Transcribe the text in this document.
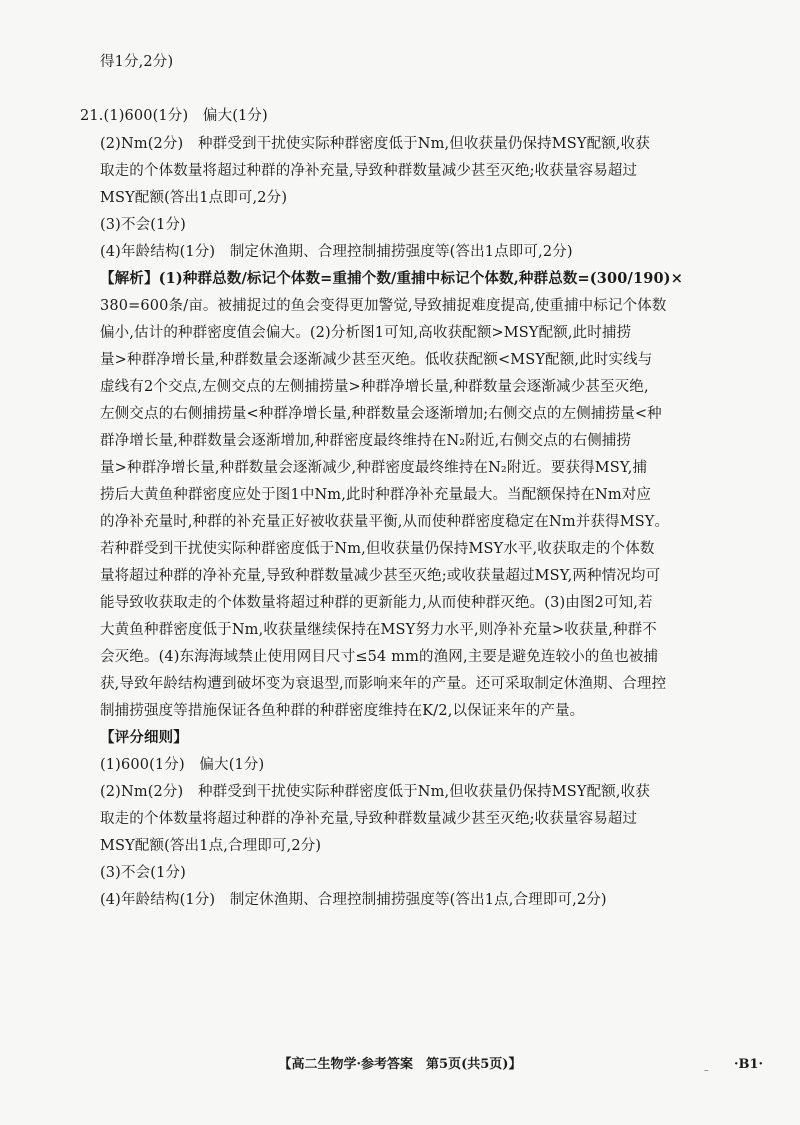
得1分,2分)
21.(1)600(1分)　偏大(1分)
(2)Nm(2分)　种群受到干扰使实际种群密度低于Nm,但收获量仍保持MSY配额,收获
取走的个体数量将超过种群的净补充量,导致种群数量减少甚至灭绝;收获量容易超过
MSY配额(答出1点即可,2分)
(3)不会(1分)
(4)年龄结构(1分)　制定休渔期、合理控制捕捞强度等(答出1点即可,2分)
【解析】(1)种群总数/标记个体数=重捕个数/重捕中标记个体数,种群总数=(300/190)×
380=600条/亩。被捕捉过的鱼会变得更加警觉,导致捕捉难度提高,使重捕中标记个体数
偏小,估计的种群密度值会偏大。(2)分析图1可知,高收获配额>MSY配额,此时捕捞
量>种群净增长量,种群数量会逐渐减少甚至灭绝。低收获配额<MSY配额,此时实线与
虚线有2个交点,左侧交点的左侧捕捞量>种群净增长量,种群数量会逐渐减少甚至灭绝,
左侧交点的右侧捕捞量<种群净增长量,种群数量会逐渐增加;右侧交点的左侧捕捞量<种
群净增长量,种群数量会逐渐增加,种群密度最终维持在N₂附近,右侧交点的右侧捕捞
量>种群净增长量,种群数量会逐渐减少,种群密度最终维持在N₂附近。要获得MSY,捕
捞后大黄鱼种群密度应处于图1中Nm,此时种群净补充量最大。当配额保持在Nm对应
的净补充量时,种群的补充量正好被收获量平衡,从而使种群密度稳定在Nm并获得MSY。
若种群受到干扰使实际种群密度低于Nm,但收获量仍保持MSY水平,收获取走的个体数
量将超过种群的净补充量,导致种群数量减少甚至灭绝;或收获量超过MSY,两种情况均可
能导致收获取走的个体数量将超过种群的更新能力,从而使种群灭绝。(3)由图2可知,若
大黄鱼种群密度低于Nm,收获量继续保持在MSY努力水平,则净补充量>收获量,种群不
会灭绝。(4)东海海域禁止使用网目尺寸≤54 mm的渔网,主要是避免连较小的鱼也被捕
获,导致年龄结构遭到破坏变为衰退型,而影响来年的产量。还可采取制定休渔期、合理控
制捕捞强度等措施保证各鱼种群的种群密度维持在K/2,以保证来年的产量。
【评分细则】
(1)600(1分)　偏大(1分)
(2)Nm(2分)　种群受到干扰使实际种群密度低于Nm,但收获量仍保持MSY配额,收获
取走的个体数量将超过种群的净补充量,导致种群数量减少甚至灭绝;收获量容易超过
MSY配额(答出1点,合理即可,2分)
(3)不会(1分)
(4)年龄结构(1分)　制定休渔期、合理控制捕捞强度等(答出1点,合理即可,2分)
【高二生物学·参考答案　第5页(共5页)】	– ·B1·
